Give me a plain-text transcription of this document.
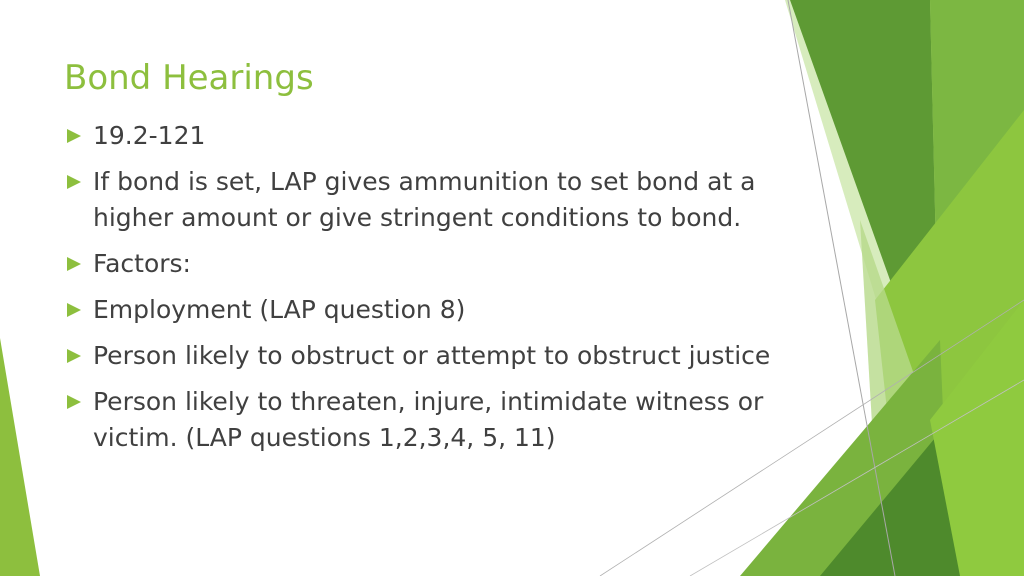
Bond Hearings
19.2-121
If bond is set, LAP gives ammunition to set bond at a higher amount or give stringent conditions to bond.
Factors:
Employment (LAP question 8)
Person likely to obstruct or attempt to obstruct justice
Person likely to threaten, injure, intimidate witness or victim. (LAP questions 1,2,3,4, 5, 11)
